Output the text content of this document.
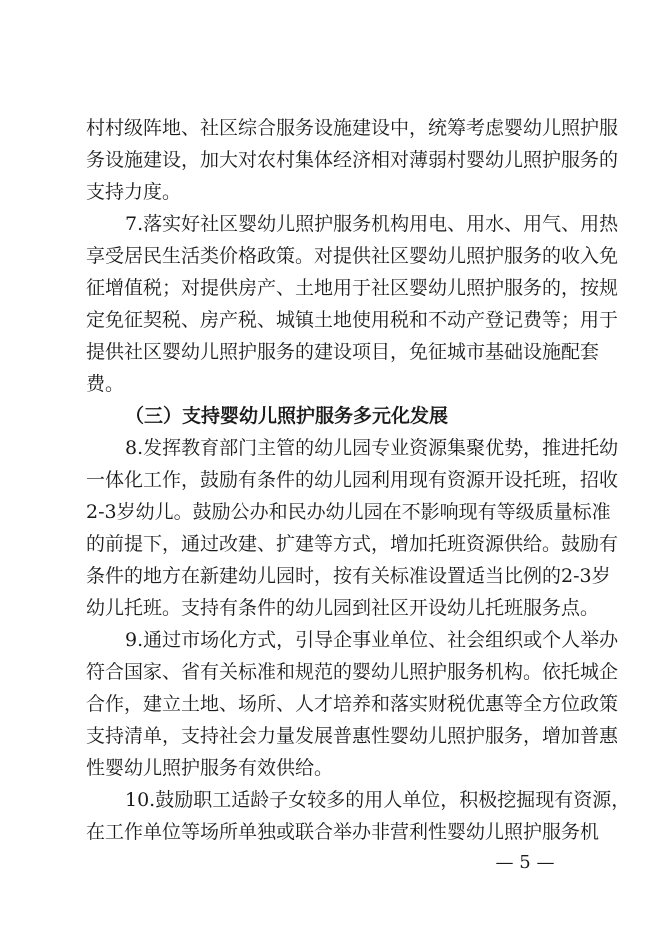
村村级阵地、社区综合服务设施建设中，统筹考虑婴幼儿照护服
务设施建设，加大对农村集体经济相对薄弱村婴幼儿照护服务的
支持力度。
7.落实好社区婴幼儿照护服务机构用电、用水、用气、用热
享受居民生活类价格政策。对提供社区婴幼儿照护服务的收入免
征增值税；对提供房产、土地用于社区婴幼儿照护服务的，按规
定免征契税、房产税、城镇土地使用税和不动产登记费等；用于
提供社区婴幼儿照护服务的建设项目，免征城市基础设施配套
费。
（三）支持婴幼儿照护服务多元化发展
8.发挥教育部门主管的幼儿园专业资源集聚优势，推进托幼
一体化工作，鼓励有条件的幼儿园利用现有资源开设托班，招收
2-3岁幼儿。鼓励公办和民办幼儿园在不影响现有等级质量标准
的前提下，通过改建、扩建等方式，增加托班资源供给。鼓励有
条件的地方在新建幼儿园时，按有关标准设置适当比例的2-3岁
幼儿托班。支持有条件的幼儿园到社区开设幼儿托班服务点。
9.通过市场化方式，引导企事业单位、社会组织或个人举办
符合国家、省有关标准和规范的婴幼儿照护服务机构。依托城企
合作，建立土地、场所、人才培养和落实财税优惠等全方位政策
支持清单，支持社会力量发展普惠性婴幼儿照护服务，增加普惠
性婴幼儿照护服务有效供给。
10.鼓励职工适龄子女较多的用人单位，积极挖掘现有资源，
在工作单位等场所单独或联合举办非营利性婴幼儿照护服务机
— 5 —
